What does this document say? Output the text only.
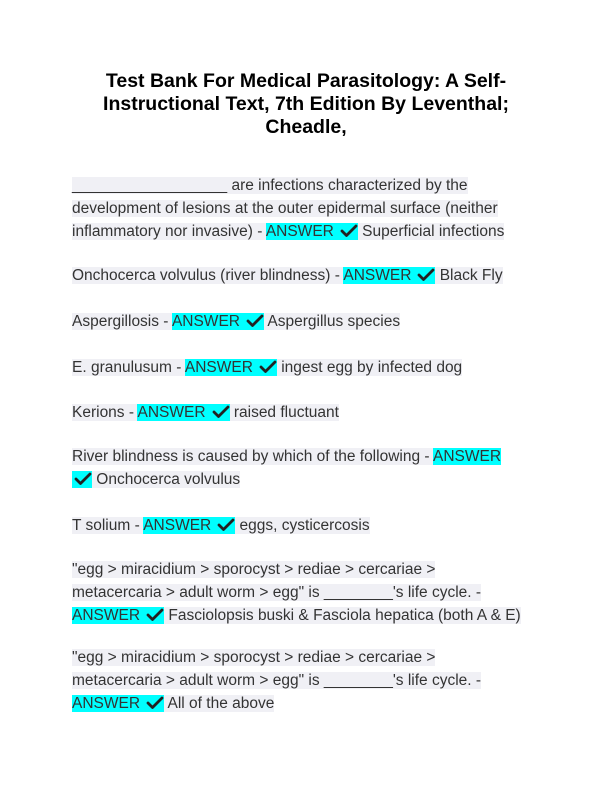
Test Bank For Medical Parasitology: A Self-
Instructional Text, 7th Edition By Leventhal;
Cheadle,
__________________ are infections characterized by the
development of lesions at the outer epidermal surface (neither
inflammatory nor invasive) - ANSWER Superficial infections
Onchocerca volvulus (river blindness) - ANSWER Black Fly
Aspergillosis - ANSWER Aspergillus species
E. granulusum - ANSWER ingest egg by infected dog
Kerions - ANSWER raised fluctuant
River blindness is caused by which of the following - ANSWER
Onchocerca volvulus
T solium - ANSWER eggs, cysticercosis
"egg > miracidium > sporocyst > rediae > cercariae >
metacercaria > adult worm > egg" is ________'s life cycle. -
ANSWER Fasciolopsis buski & Fasciola hepatica (both A & E)
"egg > miracidium > sporocyst > rediae > cercariae >
metacercaria > adult worm > egg" is ________'s life cycle. -
ANSWER All of the above
